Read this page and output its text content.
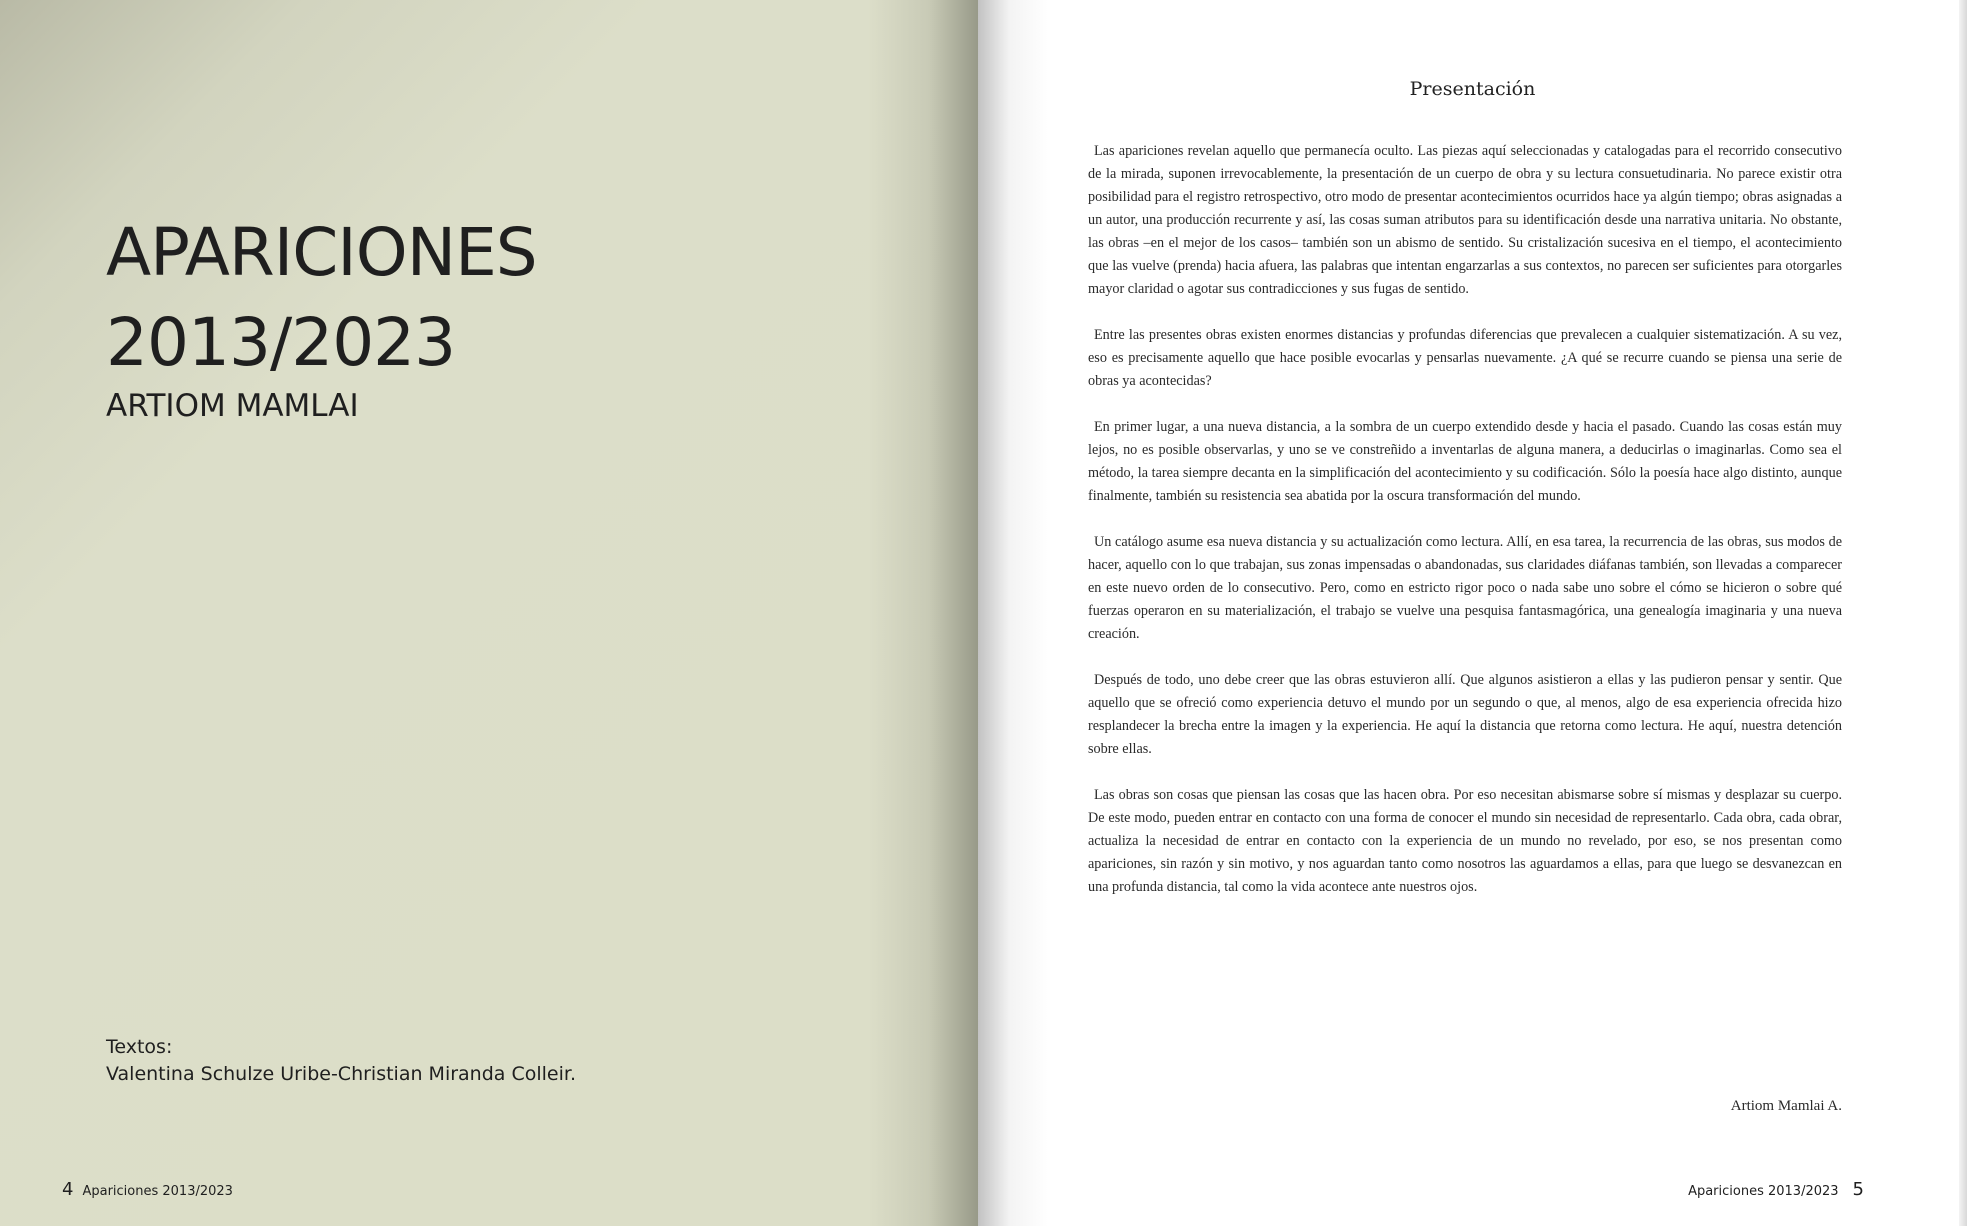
APARICIONES
2013/2023
ARTIOM MAMLAI
Textos:
Valentina Schulze Uribe-Christian Miranda Colleir.
4 Apariciones 2013/2023
Presentación

Las apariciones revelan aquello que permanecía oculto. Las piezas aquí seleccionadas y catalogadas para el recorrido consecutivo de la mirada, suponen irrevocablemente, la presentación de un cuerpo de obra y su lectura consuetudinaria. No parece existir otra posibilidad para el registro retrospectivo, otro modo de presentar acontecimientos ocurridos hace ya algún tiempo; obras asignadas a un autor, una producción recurrente y así, las cosas suman atributos para su identificación desde una narrativa unitaria. No obstante, las obras –en el mejor de los casos– también son un abismo de sentido. Su cristalización sucesiva en el tiempo, el acontecimiento que las vuelve (prenda) hacia afuera, las palabras que intentan engarzarlas a sus contextos, no parecen ser suficientes para otorgarles mayor claridad o agotar sus contradicciones y sus fugas de sentido.

Entre las presentes obras existen enormes distancias y profundas diferencias que prevalecen a cualquier sistematización. A su vez, eso es precisamente aquello que hace posible evocarlas y pensarlas nuevamente. ¿A qué se recurre cuando se piensa una serie de obras ya acontecidas?

En primer lugar, a una nueva distancia, a la sombra de un cuerpo extendido desde y hacia el pasado. Cuando las cosas están muy lejos, no es posible observarlas, y uno se ve constreñido a inventarlas de alguna manera, a deducirlas o imaginarlas. Como sea el método, la tarea siempre decanta en la simplificación del acontecimiento y su codificación. Sólo la poesía hace algo distinto, aunque finalmente, también su resistencia sea abatida por la oscura transformación del mundo.

Un catálogo asume esa nueva distancia y su actualización como lectura. Allí, en esa tarea, la recurrencia de las obras, sus modos de hacer, aquello con lo que trabajan, sus zonas impensadas o abandonadas, sus claridades diáfanas también, son llevadas a comparecer en este nuevo orden de lo consecutivo. Pero, como en estricto rigor poco o nada sabe uno sobre el cómo se hicieron o sobre qué fuerzas operaron en su materialización, el trabajo se vuelve una pesquisa fantasmagórica, una genealogía imaginaria y una nueva creación.

Después de todo, uno debe creer que las obras estuvieron allí. Que algunos asistieron a ellas y las pudieron pensar y sentir. Que aquello que se ofreció como experiencia detuvo el mundo por un segundo o que, al menos, algo de esa experiencia ofrecida hizo resplandecer la brecha entre la imagen y la experiencia. He aquí la distancia que retorna como lectura. He aquí, nuestra detención sobre ellas.

Las obras son cosas que piensan las cosas que las hacen obra. Por eso necesitan abismarse sobre sí mismas y desplazar su cuerpo. De este modo, pueden entrar en contacto con una forma de conocer el mundo sin necesidad de representarlo. Cada obra, cada obrar, actualiza la necesidad de entrar en contacto con la experiencia de un mundo no revelado, por eso, se nos presentan como apariciones, sin razón y sin motivo, y nos aguardan tanto como nosotros las aguardamos a ellas, para que luego se desvanezcan en una profunda distancia, tal como la vida acontece ante nuestros ojos.

Artiom Mamlai A.
Apariciones 2013/2023 5
